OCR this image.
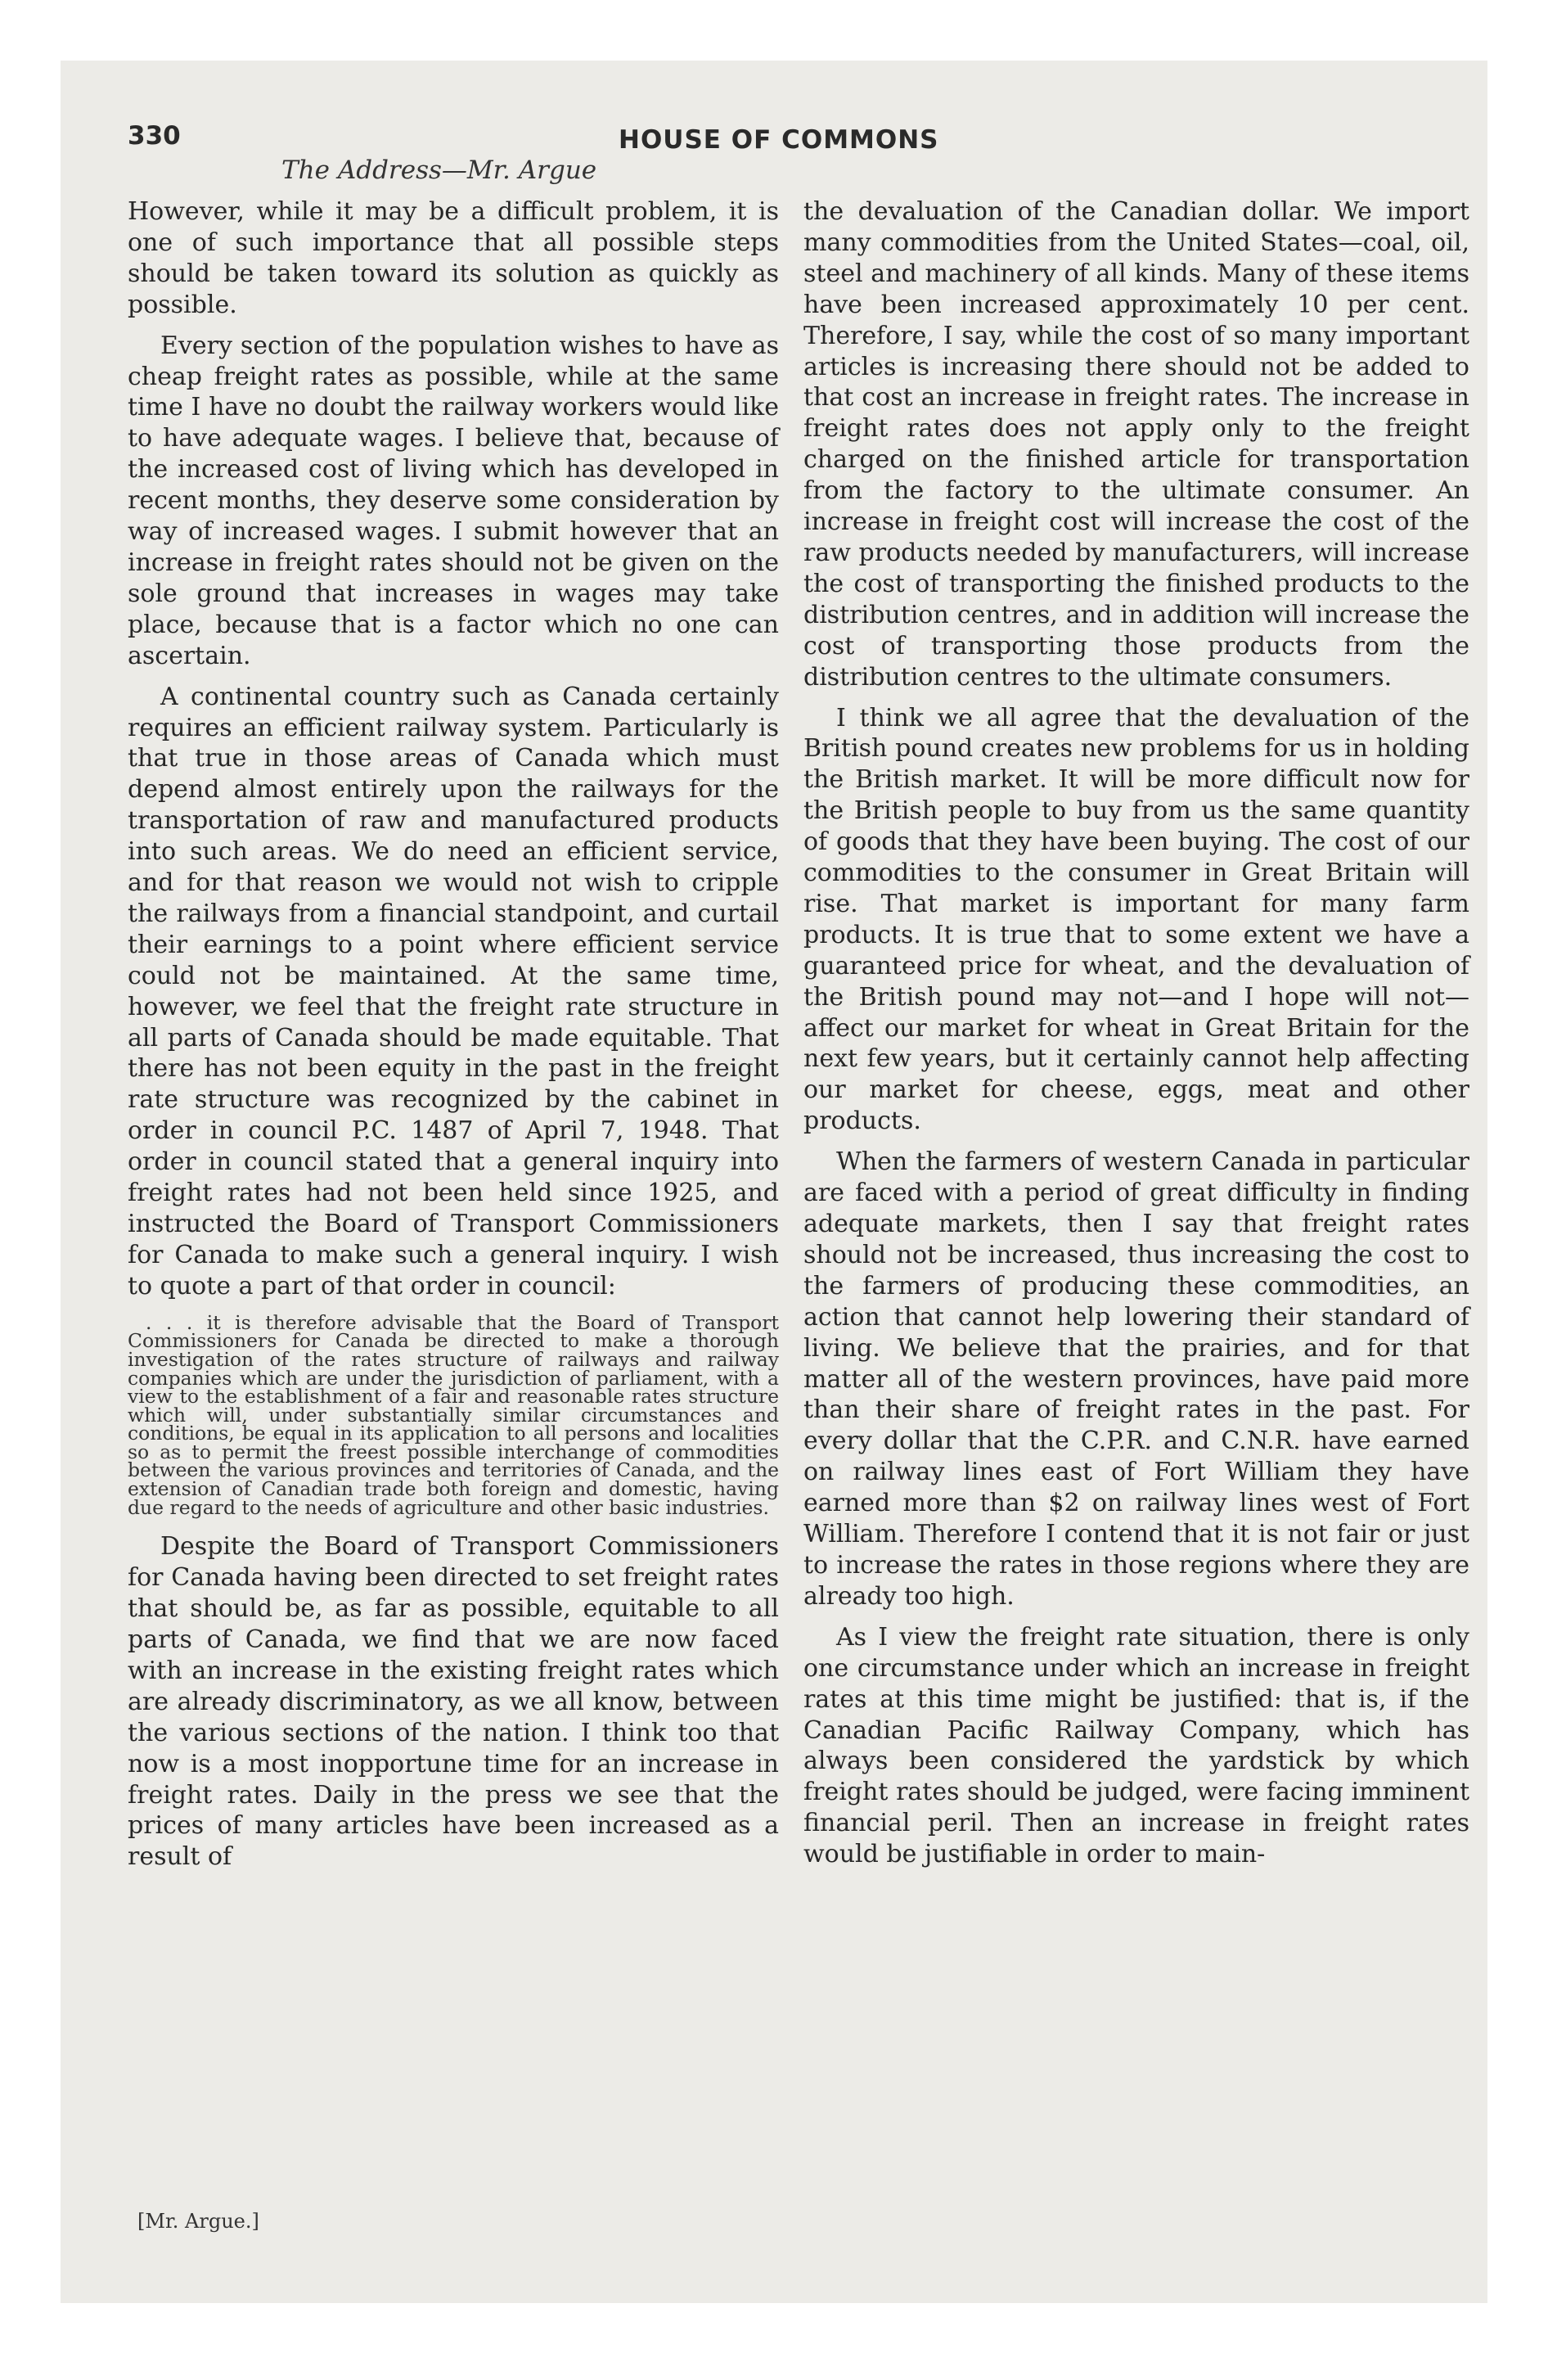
330	HOUSE OF COMMONS
The Address—Mr. Argue

However, while it may be a difficult problem, it is one of such importance that all possible steps should be taken toward its solution as quickly as possible.

Every section of the population wishes to have as cheap freight rates as possible, while at the same time I have no doubt the railway workers would like to have adequate wages. I believe that, because of the increased cost of living which has developed in recent months, they deserve some consideration by way of increased wages. I submit however that an increase in freight rates should not be given on the sole ground that increases in wages may take place, because that is a factor which no one can ascertain.

A continental country such as Canada certainly requires an efficient railway system. Particularly is that true in those areas of Canada which must depend almost entirely upon the railways for the transportation of raw and manufactured products into such areas. We do need an efficient service, and for that reason we would not wish to cripple the railways from a financial standpoint, and curtail their earnings to a point where efficient service could not be maintained. At the same time, however, we feel that the freight rate structure in all parts of Canada should be made equitable. That there has not been equity in the past in the freight rate structure was recognized by the cabinet in order in council P.C. 1487 of April 7, 1948. That order in council stated that a general inquiry into freight rates had not been held since 1925, and instructed the Board of Transport Commissioners for Canada to make such a general inquiry. I wish to quote a part of that order in council:

. . . it is therefore advisable that the Board of Transport Commissioners for Canada be directed to make a thorough investigation of the rates structure of railways and railway companies which are under the jurisdiction of parliament, with a view to the establishment of a fair and reasonable rates structure which will, under substantially similar circumstances and conditions, be equal in its application to all persons and localities so as to permit the freest possible interchange of commodities between the various provinces and territories of Canada, and the extension of Canadian trade both foreign and domestic, having due regard to the needs of agriculture and other basic industries.

Despite the Board of Transport Commissioners for Canada having been directed to set freight rates that should be, as far as possible, equitable to all parts of Canada, we find that we are now faced with an increase in the existing freight rates which are already discriminatory, as we all know, between the various sections of the nation. I think too that now is a most inopportune time for an increase in freight rates. Daily in the press we see that the prices of many articles have been increased as a result of

the devaluation of the Canadian dollar. We import many commodities from the United States—coal, oil, steel and machinery of all kinds. Many of these items have been increased approximately 10 per cent. Therefore, I say, while the cost of so many important articles is increasing there should not be added to that cost an increase in freight rates. The increase in freight rates does not apply only to the freight charged on the finished article for transportation from the factory to the ultimate consumer. An increase in freight cost will increase the cost of the raw products needed by manufacturers, will increase the cost of transporting the finished products to the distribution centres, and in addition will increase the cost of transporting those products from the distribution centres to the ultimate consumers.

I think we all agree that the devaluation of the British pound creates new problems for us in holding the British market. It will be more difficult now for the British people to buy from us the same quantity of goods that they have been buying. The cost of our commodities to the consumer in Great Britain will rise. That market is important for many farm products. It is true that to some extent we have a guaranteed price for wheat, and the devaluation of the British pound may not—and I hope will not—affect our market for wheat in Great Britain for the next few years, but it certainly cannot help affecting our market for cheese, eggs, meat and other products.

When the farmers of western Canada in particular are faced with a period of great difficulty in finding adequate markets, then I say that freight rates should not be increased, thus increasing the cost to the farmers of producing these commodities, an action that cannot help lowering their standard of living. We believe that the prairies, and for that matter all of the western provinces, have paid more than their share of freight rates in the past. For every dollar that the C.P.R. and C.N.R. have earned on railway lines east of Fort William they have earned more than $2 on railway lines west of Fort William. Therefore I contend that it is not fair or just to increase the rates in those regions where they are already too high.

As I view the freight rate situation, there is only one circumstance under which an increase in freight rates at this time might be justified: that is, if the Canadian Pacific Railway Company, which has always been considered the yardstick by which freight rates should be judged, were facing imminent financial peril. Then an increase in freight rates would be justifiable in order to main-

[Mr. Argue.]
